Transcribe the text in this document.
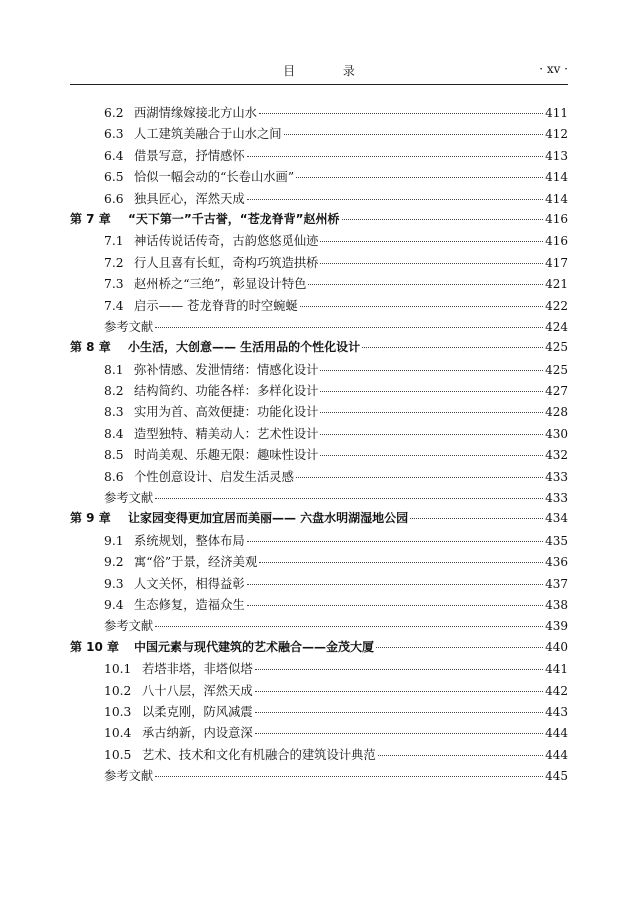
目 录	· xv ·
6.2 西湖情缘嫁接北方山水	411
6.3 人工建筑美融合于山水之间	412
6.4 借景写意，抒情感怀	413
6.5 恰似一幅会动的“长卷山水画”	414
6.6 独具匠心，浑然天成	414
第 7 章	“天下第一”千古誉，“苍龙脊背”赵州桥	416
7.1 神话传说话传奇，古韵悠悠觅仙迹	416
7.2 行人且喜有长虹，奇构巧筑造拱桥	417
7.3 赵州桥之“三绝”，彰显设计特色	421
7.4 启示—— 苍龙脊背的时空蜿蜒	422
参考文献	424
第 8 章	小生活，大创意—— 生活用品的个性化设计	425
8.1 弥补情感、发泄情绪：情感化设计	425
8.2 结构简约、功能各样：多样化设计	427
8.3 实用为首、高效便捷：功能化设计	428
8.4 造型独特、精美动人：艺术性设计	430
8.5 时尚美观、乐趣无限：趣味性设计	432
8.6 个性创意设计、启发生活灵感	433
参考文献	433
第 9 章	让家园变得更加宜居而美丽—— 六盘水明湖湿地公园	434
9.1 系统规划，整体布局	435
9.2 寓“俗”于景，经济美观	436
9.3 人文关怀，相得益彰	437
9.4 生态修复，造福众生	438
参考文献	439
第 10 章	中国元素与现代建筑的艺术融合——金茂大厦	440
10.1 若塔非塔，非塔似塔	441
10.2 八十八层，浑然天成	442
10.3 以柔克刚，防风减震	443
10.4 承古纳新，内设意深	444
10.5 艺术、技术和文化有机融合的建筑设计典范	444
参考文献	445
